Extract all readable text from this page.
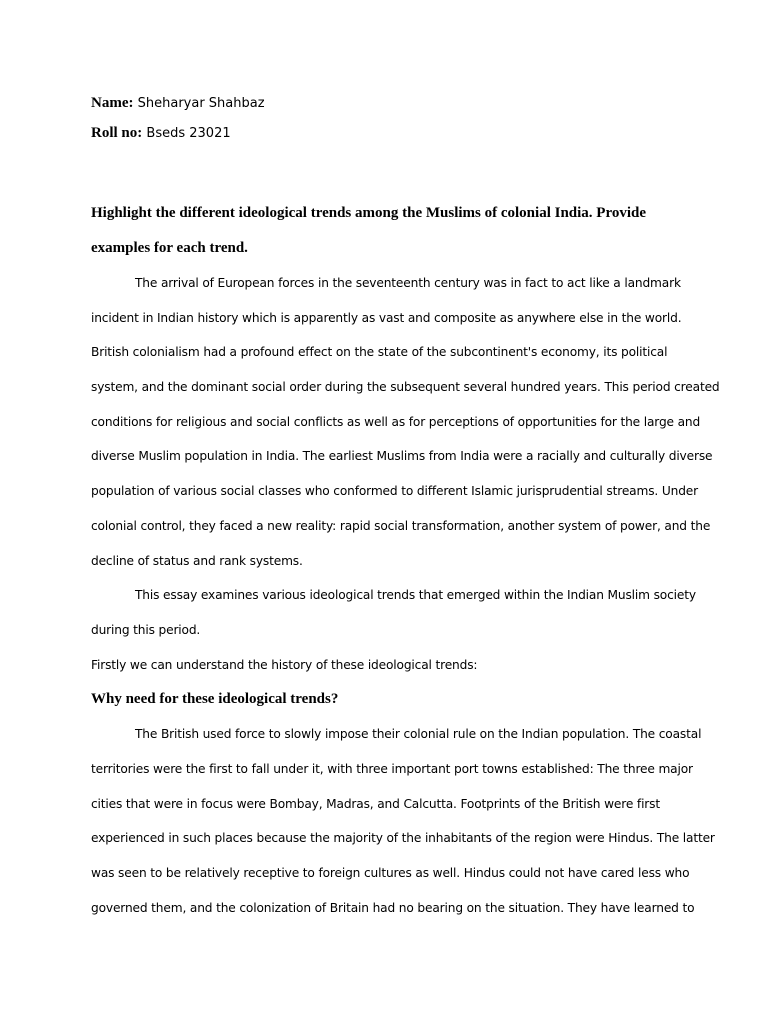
Name: Sheharyar Shahbaz
Roll no: Bseds 23021
Highlight the different ideological trends among the Muslims of colonial India. Provide
examples for each trend.
The arrival of European forces in the seventeenth century was in fact to act like a landmark
incident in Indian history which is apparently as vast and composite as anywhere else in the world.
British colonialism had a profound effect on the state of the subcontinent's economy, its political
system, and the dominant social order during the subsequent several hundred years. This period created
conditions for religious and social conflicts as well as for perceptions of opportunities for the large and
diverse Muslim population in India. The earliest Muslims from India were a racially and culturally diverse
population of various social classes who conformed to different Islamic jurisprudential streams. Under
colonial control, they faced a new reality: rapid social transformation, another system of power, and the
decline of status and rank systems.
This essay examines various ideological trends that emerged within the Indian Muslim society
during this period.
Firstly we can understand the history of these ideological trends:
Why need for these ideological trends?
The British used force to slowly impose their colonial rule on the Indian population. The coastal
territories were the first to fall under it, with three important port towns established: The three major
cities that were in focus were Bombay, Madras, and Calcutta. Footprints of the British were first
experienced in such places because the majority of the inhabitants of the region were Hindus. The latter
was seen to be relatively receptive to foreign cultures as well. Hindus could not have cared less who
governed them, and the colonization of Britain had no bearing on the situation. They have learned to
